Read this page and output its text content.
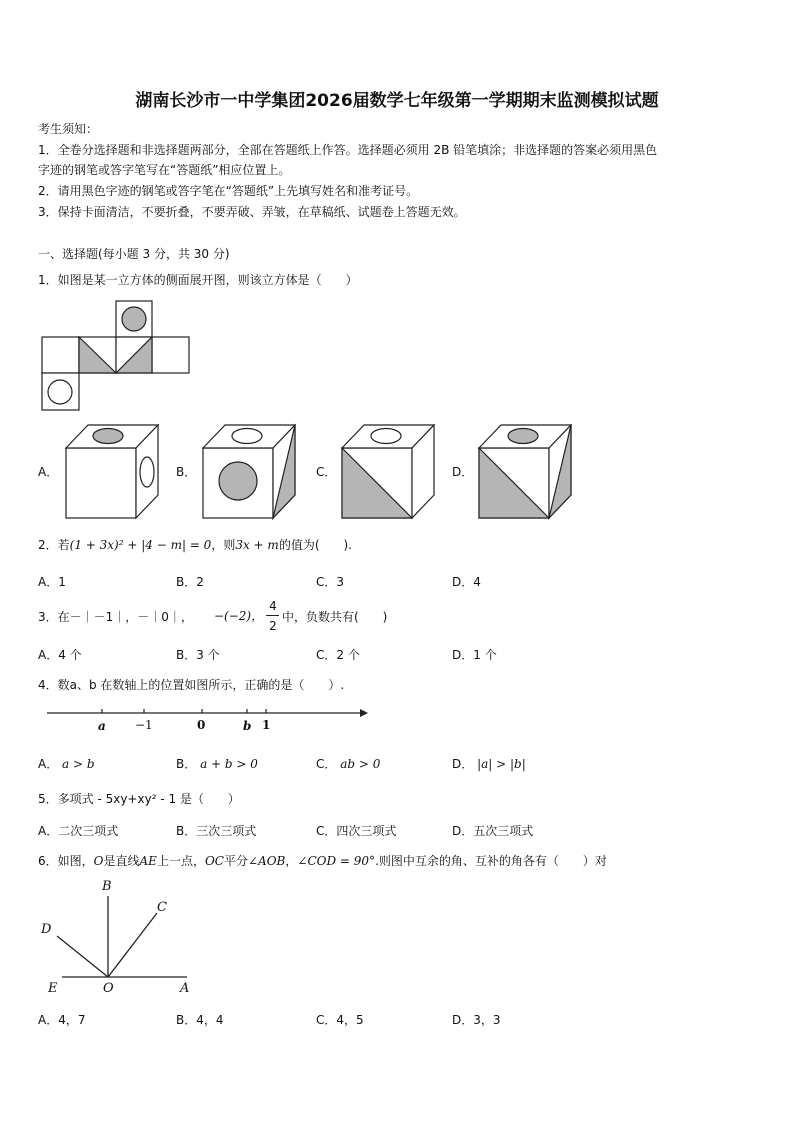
湖南长沙市一中学集团2026届数学七年级第一学期期末监测模拟试题
考生须知：
1．全卷分选择题和非选择题两部分，全部在答题纸上作答。选择题必须用 2B 铅笔填涂；非选择题的答案必须用黑色
字迹的钢笔或答字笔写在“答题纸”相应位置上。
2．请用黑色字迹的钢笔或答字笔在“答题纸”上先填写姓名和准考证号。
3．保持卡面清洁，不要折叠，不要弄破、弄皱，在草稿纸、试题卷上答题无效。
一、选择题(每小题 3 分，共 30 分)
1．如图是某一立方体的侧面展开图，则该立方体是（　　）
A．	B．	C．	D．
2．若(1 + 3x)² + |4 − m| = 0，则3x + m的值为(　　).
A．1	B．2	C．3	D．4
3．在－｜－1｜，－｜0｜， −(−2)，
4
2
中，负数共有(　　)
A．4 个	B．3 个	C．2 个	D．1 个
4．数a、b 在数轴上的位置如图所示，正确的是（　　）.
a −1	0	b 1
A． a > b	B． a + b > 0	C． ab > 0	D． |a| > |b|
5．多项式 - 5xy+xy² - 1 是（　　）
A．二次三项式	B．三次三项式	C．四次三项式	D．五次三项式
6．如图，O是直线AE上一点，OC平分∠AOB，∠COD = 90°.则图中互余的角、互补的角各有（　　）对
B
C
D
E	O	A
A．4，7	B．4，4	C．4，5	D．3，3
